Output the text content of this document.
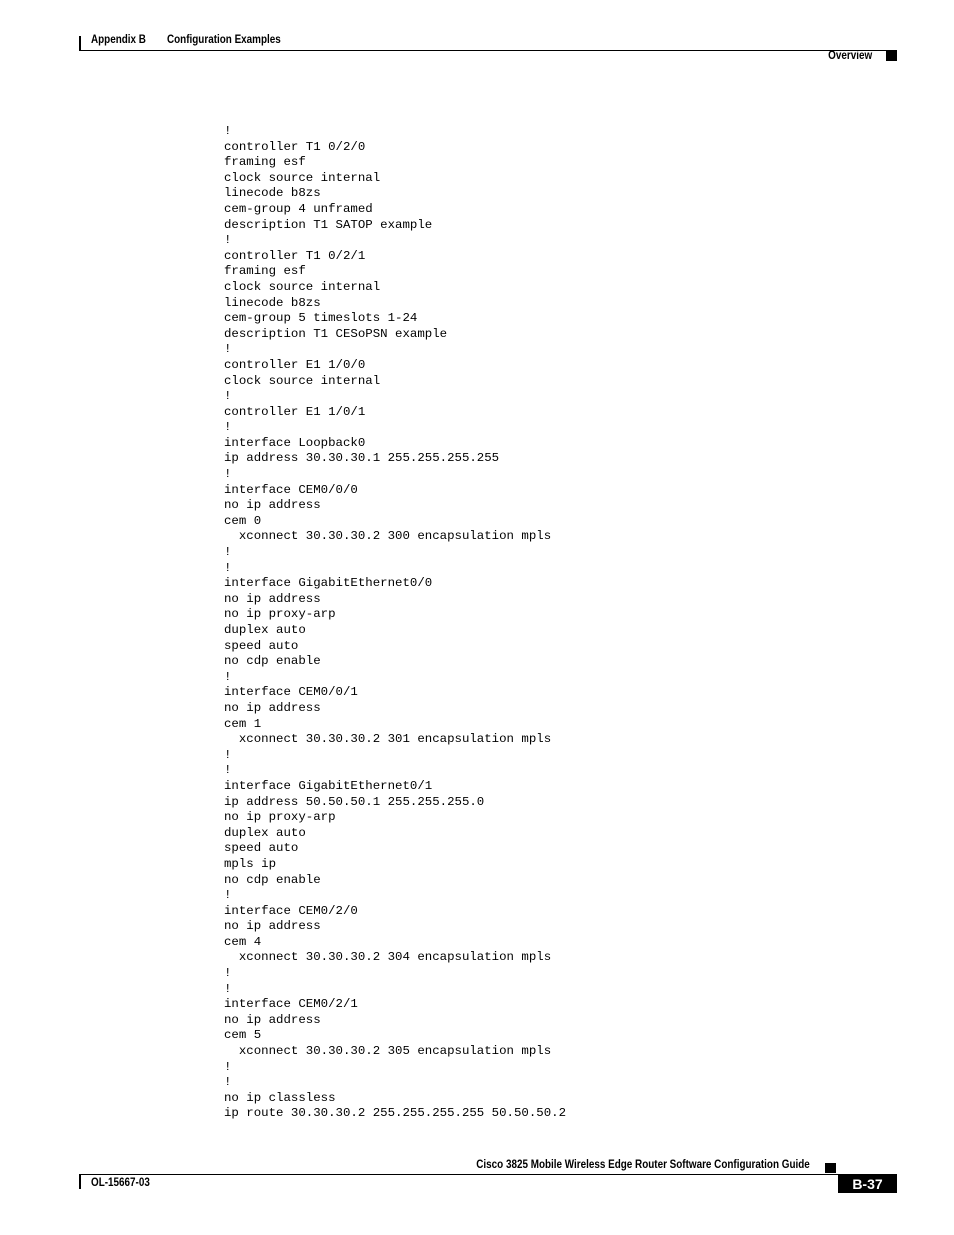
Appendix B Configuration Examples
Overview
!
controller T1 0/2/0
framing esf
clock source internal
linecode b8zs
cem-group 4 unframed
description T1 SATOP example
!
controller T1 0/2/1
framing esf
clock source internal
linecode b8zs
cem-group 5 timeslots 1-24
description T1 CESoPSN example
!
controller E1 1/0/0
clock source internal
!
controller E1 1/0/1
!
interface Loopback0
ip address 30.30.30.1 255.255.255.255
!
interface CEM0/0/0
no ip address
cem 0
xconnect 30.30.30.2 300 encapsulation mpls
!
!
interface GigabitEthernet0/0
no ip address
no ip proxy-arp
duplex auto
speed auto
no cdp enable
!
interface CEM0/0/1
no ip address
cem 1
xconnect 30.30.30.2 301 encapsulation mpls
!
!
interface GigabitEthernet0/1
ip address 50.50.50.1 255.255.255.0
no ip proxy-arp
duplex auto
speed auto
mpls ip
no cdp enable
!
interface CEM0/2/0
no ip address
cem 4
xconnect 30.30.30.2 304 encapsulation mpls
!
!
interface CEM0/2/1
no ip address
cem 5
xconnect 30.30.30.2 305 encapsulation mpls
!
!
no ip classless
ip route 30.30.30.2 255.255.255.255 50.50.50.2
Cisco 3825 Mobile Wireless Edge Router Software Configuration Guide
OL-15667-03	B-37
